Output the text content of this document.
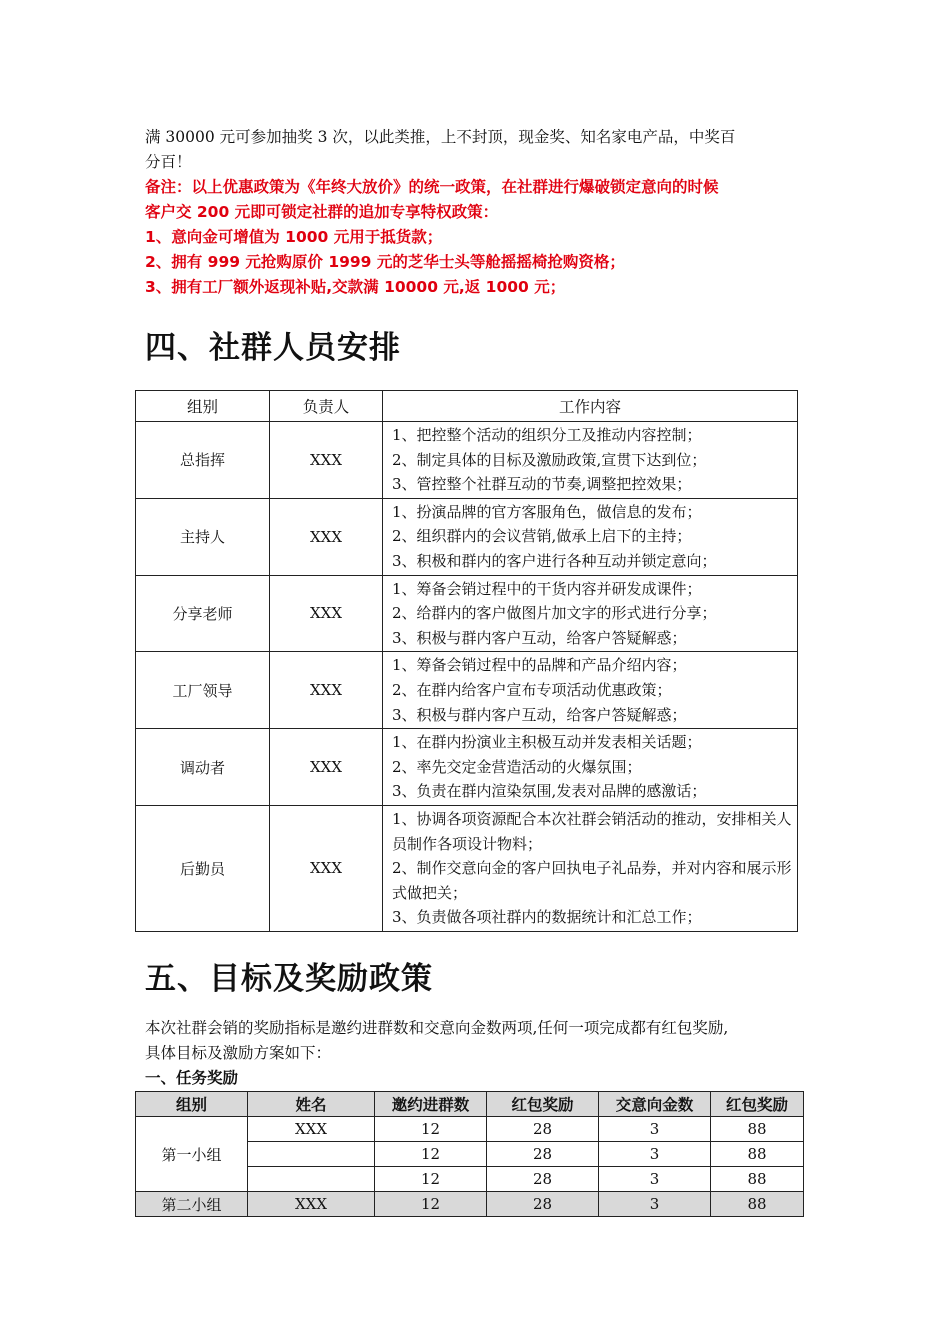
满 30000 元可参加抽奖 3 次，以此类推，上不封顶，现金奖、知名家电产品，中奖百
分百！
备注：以上优惠政策为《年终大放价》的统一政策，在社群进行爆破锁定意向的时候
客户交 200 元即可锁定社群的追加专享特权政策：
1、意向金可增值为 1000 元用于抵货款；
2、拥有 999 元抢购原价 1999 元的芝华士头等舱摇摇椅抢购资格；
3、拥有工厂额外返现补贴,交款满 10000 元,返 1000 元；
四、社群人员安排
组别	负责人	工作内容
总指挥	XXX	1、把控整个活动的组织分工及推动内容控制；
2、制定具体的目标及激励政策,宣贯下达到位；
3、管控整个社群互动的节奏,调整把控效果；

主持人	XXX	1、扮演品牌的官方客服角色，做信息的发布；
2、组织群内的会议营销,做承上启下的主持；
3、积极和群内的客户进行各种互动并锁定意向；

分享老师	XXX	1、筹备会销过程中的干货内容并研发成课件；
2、给群内的客户做图片加文字的形式进行分享；
3、积极与群内客户互动，给客户答疑解惑；

工厂领导	XXX	1、筹备会销过程中的品牌和产品介绍内容；
2、在群内给客户宣布专项活动优惠政策；
3、积极与群内客户互动，给客户答疑解惑；

调动者	XXX	1、在群内扮演业主积极互动并发表相关话题；
2、率先交定金营造活动的火爆氛围；
3、负责在群内渲染氛围,发表对品牌的感激话；

后勤员	XXX	1、协调各项资源配合本次社群会销活动的推动，安排相关人员制作各项设计物料；
2、制作交意向金的客户回执电子礼品券，并对内容和展示形式做把关；
3、负责做各项社群内的数据统计和汇总工作；
五、目标及奖励政策
本次社群会销的奖励指标是邀约进群数和交意向金数两项,任何一项完成都有红包奖励,
具体目标及激励方案如下：
一、任务奖励
组别	姓名	邀约进群数	红包奖励	交意向金数	红包奖励
第一小组	XXX	12	28	3	88
		12	28	3	88
		12	28	3	88
第二小组	XXX	12	28	3	88
